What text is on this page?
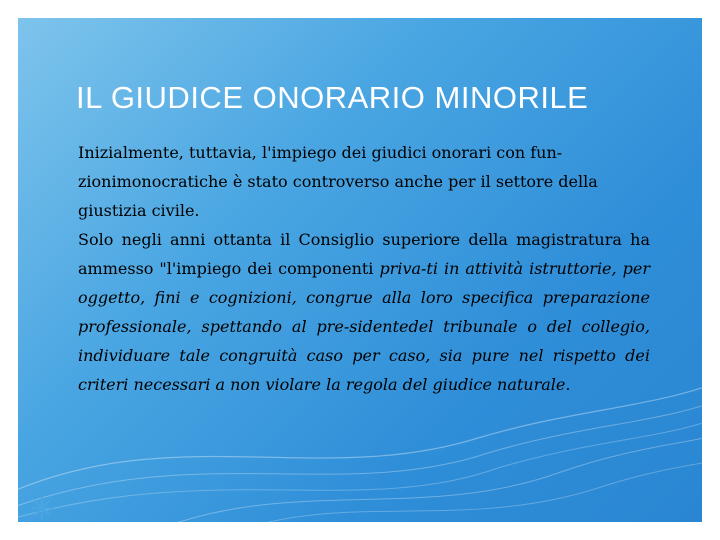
IL GIUDICE ONORARIO MINORILE

Inizialmente, tuttavia, l'impiego dei giudici onorari con fun-zionimonocratiche è stato controverso anche per il settore della giustizia civile.

Solo negli anni ottanta il Consiglio superiore della magistratura ha ammesso "l'impiego dei componenti priva-ti in attività istruttorie, per oggetto, fini e cognizioni, congrue alla loro specifica preparazione professionale, spettando al pre-sidentedel tribunale o del collegio, individuare tale congruità caso per caso, sia pure nel rispetto dei criteri necessari a non violare la regola del giudice naturale.
